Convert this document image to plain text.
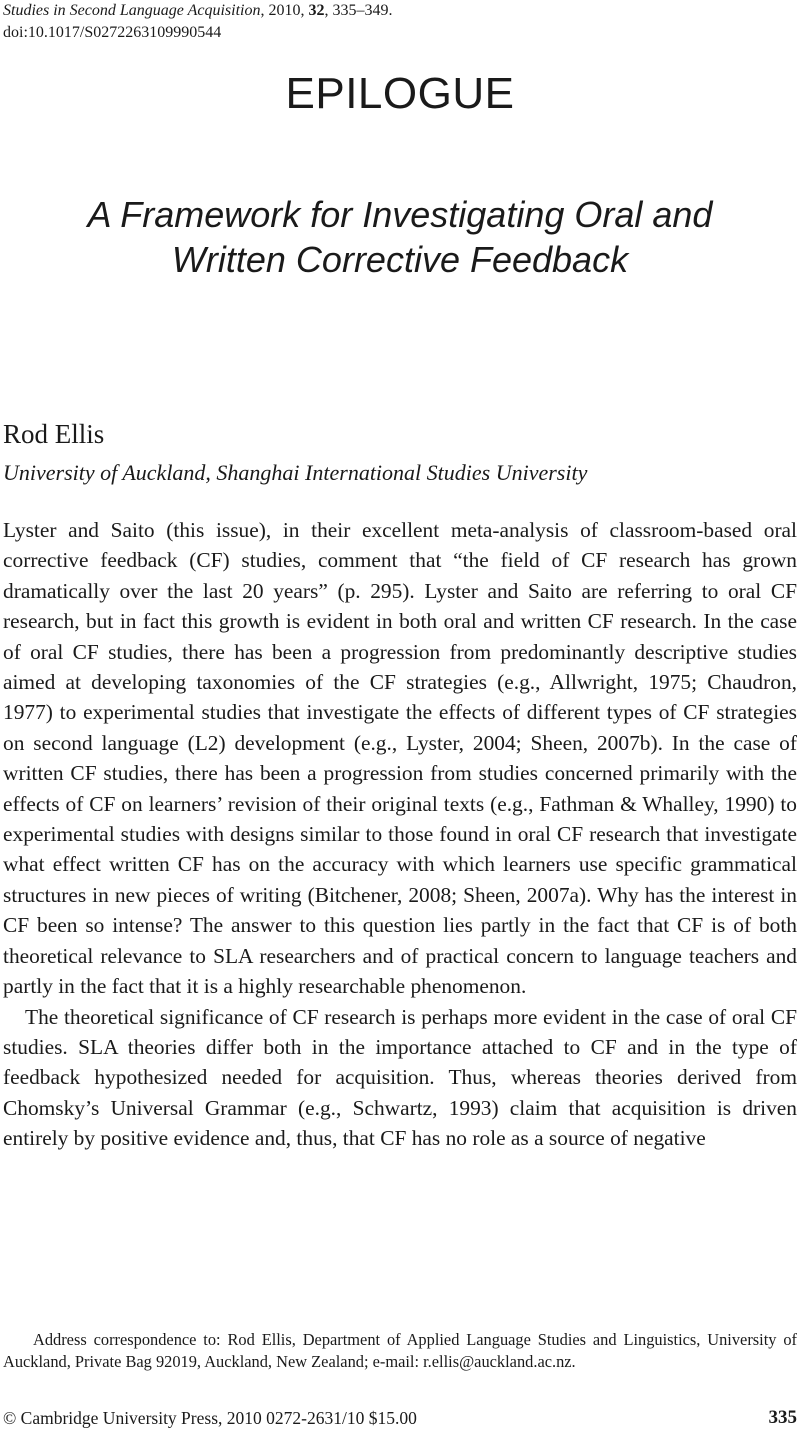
Studies in Second Language Acquisition, 2010, 32, 335–349.
doi:10.1017/S0272263109990544
EPILOGUE
A Framework for Investigating Oral and
Written Corrective Feedback
Rod Ellis
University of Auckland, Shanghai International Studies University

Lyster and Saito (this issue), in their excellent meta-analysis of classroom-based oral corrective feedback (CF) studies, comment that “the field of CF research has grown dramatically over the last 20 years” (p. 295). Lyster and Saito are referring to oral CF research, but in fact this growth is evident in both oral and written CF research. In the case of oral CF studies, there has been a progression from predominantly descriptive studies aimed at developing taxonomies of the CF strategies (e.g., Allwright, 1975; Chaudron, 1977) to experimental studies that investigate the effects of different types of CF strategies on second language (L2) development (e.g., Lyster, 2004; Sheen, 2007b). In the case of written CF studies, there has been a progression from studies concerned primarily with the effects of CF on learners’ revision of their original texts (e.g., Fathman & Whalley, 1990) to experimental studies with designs similar to those found in oral CF research that investigate what effect written CF has on the accuracy with which learners use specific grammatical structures in new pieces of writing (Bitchener, 2008; Sheen, 2007a). Why has the interest in CF been so intense? The answer to this question lies partly in the fact that CF is of both theoretical relevance to SLA researchers and of practical concern to language teachers and partly in the fact that it is a highly researchable phenomenon.

The theoretical significance of CF research is perhaps more evident in the case of oral CF studies. SLA theories differ both in the importance attached to CF and in the type of feedback hypothesized needed for acquisition. Thus, whereas theories derived from Chomsky’s Universal Grammar (e.g., Schwartz, 1993) claim that acquisition is driven entirely by positive evidence and, thus, that CF has no role as a source of negative

Address correspondence to: Rod Ellis, Department of Applied Language Studies and Linguistics, University of Auckland, Private Bag 92019, Auckland, New Zealand; e-mail: r.ellis@auckland.ac.nz.
© Cambridge University Press, 2010 0272-2631/10 $15.00	335
